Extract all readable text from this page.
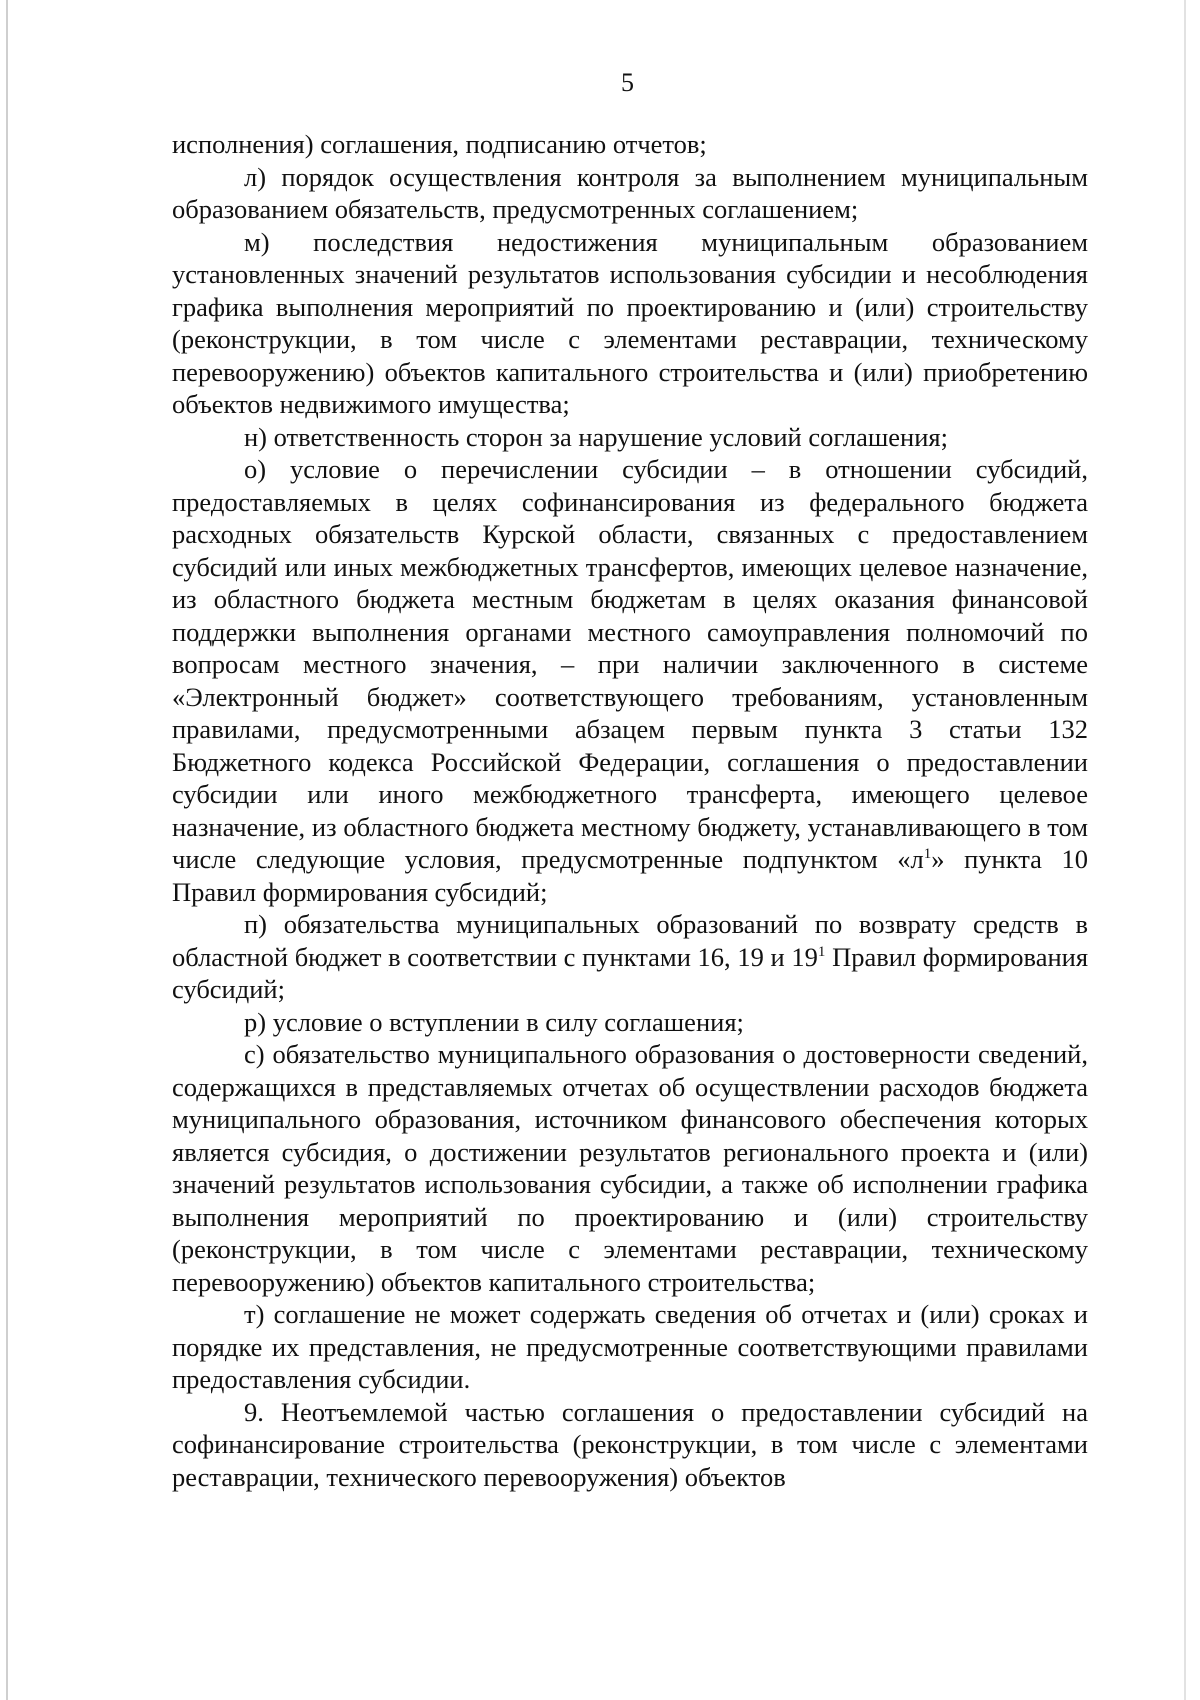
5

исполнения) соглашения, подписанию отчетов;

л) порядок осуществления контроля за выполнением муниципальным образованием обязательств, предусмотренных соглашением;

м) последствия недостижения муниципальным образованием установленных значений результатов использования субсидии и несоблюдения графика выполнения мероприятий по проектированию и (или) строительству (реконструкции, в том числе с элементами реставрации, техническому перевооружению) объектов капитального строительства и (или) приобретению объектов недвижимого имущества;

н) ответственность сторон за нарушение условий соглашения;

о) условие о перечислении субсидии – в отношении субсидий, предоставляемых в целях софинансирования из федерального бюджета расходных обязательств Курской области, связанных с предоставлением субсидий или иных межбюджетных трансфертов, имеющих целевое назначение, из областного бюджета местным бюджетам в целях оказания финансовой поддержки выполнения органами местного самоуправления полномочий по вопросам местного значения, – при наличии заключенного в системе «Электронный бюджет» соответствующего требованиям, установленным правилами, предусмотренными абзацем первым пункта 3 статьи 132 Бюджетного кодекса Российской Федерации, соглашения о предоставлении субсидии или иного межбюджетного трансферта, имеющего целевое назначение, из областного бюджета местному бюджету, устанавливающего в том числе следующие условия, предусмотренные подпунктом «$л^1$» пункта 10 Правил формирования субсидий;

п) обязательства муниципальных образований по возврату средств в областной бюджет в соответствии с пунктами 16, 19 и $19^1$ Правил формирования субсидий;

р) условие о вступлении в силу соглашения;

с) обязательство муниципального образования о достоверности сведений, содержащихся в представляемых отчетах об осуществлении расходов бюджета муниципального образования, источником финансового обеспечения которых является субсидия, о достижении результатов регионального проекта и (или) значений результатов использования субсидии, а также об исполнении графика выполнения мероприятий по проектированию и (или) строительству (реконструкции, в том числе с элементами реставрации, техническому перевооружению) объектов капитального строительства;

т) соглашение не может содержать сведения об отчетах и (или) сроках и порядке их представления, не предусмотренные соответствующими правилами предоставления субсидии.

9. Неотъемлемой частью соглашения о предоставлении субсидий на софинансирование строительства (реконструкции, в том числе с элементами реставрации, технического перевооружения) объектов
